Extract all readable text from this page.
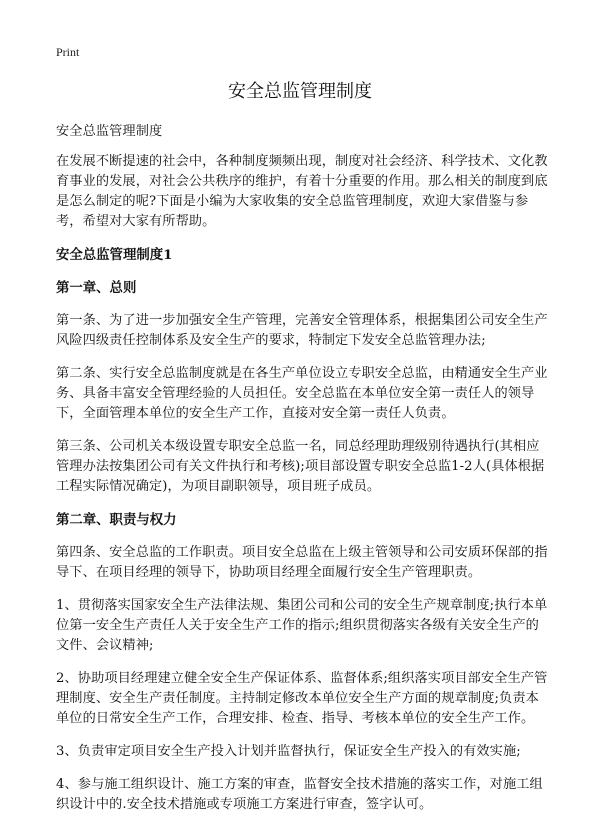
Print
安全总监管理制度

安全总监管理制度

在发展不断提速的社会中，各种制度频频出现，制度对社会经济、科学技术、文化教育事业的发展，对社会公共秩序的维护，有着十分重要的作用。那么相关的制度到底是怎么制定的呢?下面是小编为大家收集的安全总监管理制度，欢迎大家借鉴与参考，希望对大家有所帮助。

安全总监管理制度1

第一章、总则

第一条、为了进一步加强安全生产管理，完善安全管理体系，根据集团公司安全生产风险四级责任控制体系及安全生产的要求，特制定下发安全总监管理办法;

第二条、实行安全总监制度就是在各生产单位设立专职安全总监，由精通安全生产业务、具备丰富安全管理经验的人员担任。安全总监在本单位安全第一责任人的领导下，全面管理本单位的安全生产工作，直接对安全第一责任人负责。

第三条、公司机关本级设置专职安全总监一名，同总经理助理级别待遇执行(其相应管理办法按集团公司有关文件执行和考核);项目部设置专职安全总监1-2人(具体根据工程实际情况确定)，为项目副职领导，项目班子成员。

第二章、职责与权力

第四条、安全总监的工作职责。项目安全总监在上级主管领导和公司安质环保部的指导下、在项目经理的领导下，协助项目经理全面履行安全生产管理职责。

1、贯彻落实国家安全生产法律法规、集团公司和公司的安全生产规章制度;执行本单位第一安全生产责任人关于安全生产工作的指示;组织贯彻落实各级有关安全生产的文件、会议精神;

2、协助项目经理建立健全安全生产保证体系、监督体系;组织落实项目部安全生产管理制度、安全生产责任制度。主持制定修改本单位安全生产方面的规章制度;负责本单位的日常安全生产工作，合理安排、检查、指导、考核本单位的安全生产工作。

3、负责审定项目安全生产投入计划并监督执行，保证安全生产投入的有效实施;

4、参与施工组织设计、施工方案的审查，监督安全技术措施的落实工作，对施工组织设计中的.安全技术措施或专项施工方案进行审查，签字认可。
